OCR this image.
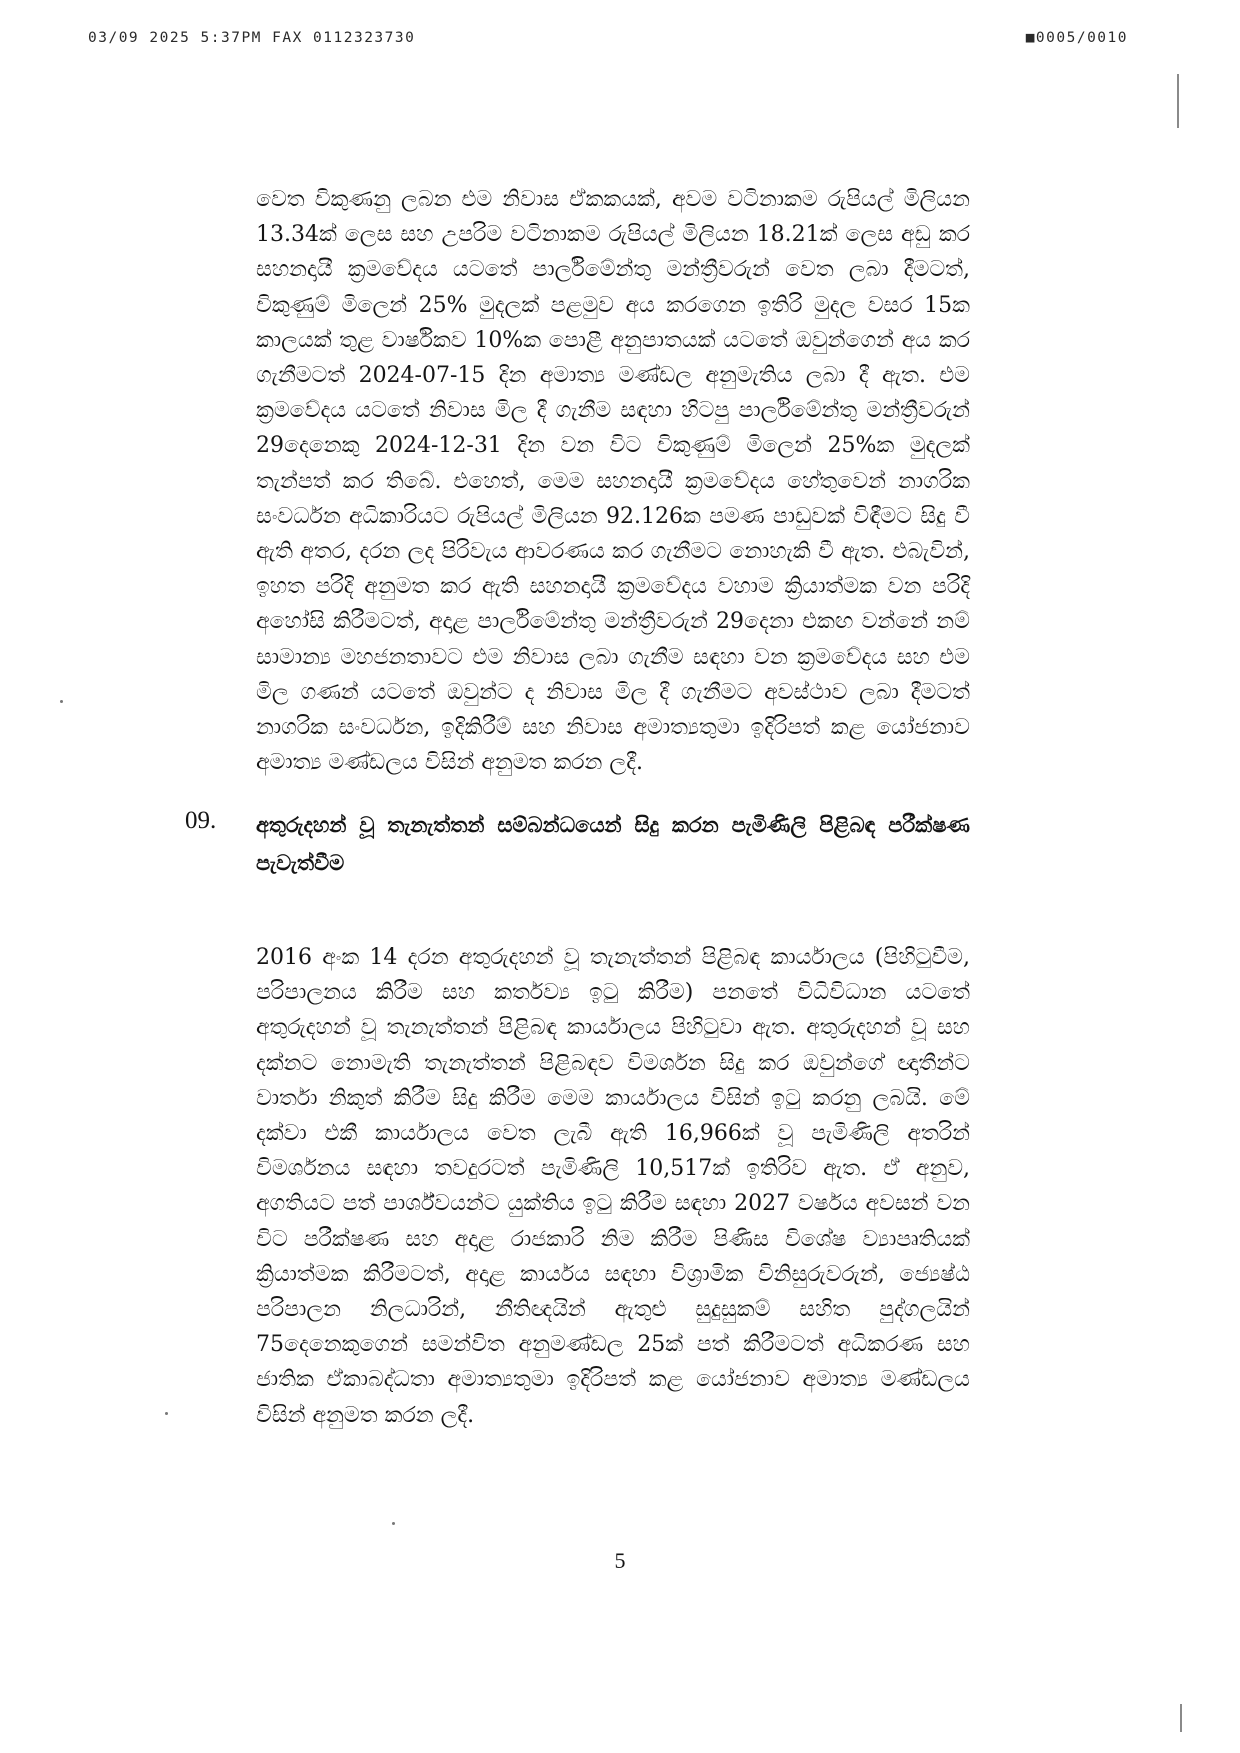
03/09 2025 5:37PM FAX 0112323730	■0005/0010

වෙත විකුණනු ලබන එම නිවාස ඒකකයක්, අවම වටිනාකම රුපියල් මිලියන 13.34ක් ලෙස සහ උපරිම වටිනාකම රුපියල් මිලියන 18.21ක් ලෙස අඩු කර සහනදායී ක්‍රමවේදය යටතේ පාර්ලිමේන්තු මන්ත්‍රීවරුන් වෙත ලබා දීමටත්, විකුණුම් මිලෙන් 25% මුදලක් පළමුව අය කරගෙන ඉතිරි මුදල වසර 15ක කාලයක් තුළ වාර්ෂිකව 10%ක පොළී අනුපාතයක් යටතේ ඔවුන්ගෙන් අය කර ගැනීමටත් 2024-07-15 දින අමාත්‍ය මණ්ඩල අනුමැතිය ලබා දී ඇත. එම ක්‍රමවේදය යටතේ නිවාස මිල දී ගැනීම සඳහා හිටපු පාර්ලිමේන්තු මන්ත්‍රීවරුන් 29දෙනෙකු 2024-12-31 දින වන විට විකුණුම් මිලෙන් 25%ක මුදලක් තැන්පත් කර තිබේ. එහෙත්, මෙම සහනදායී ක්‍රමවේදය හේතුවෙන් නාගරික සංවර්ධන අධිකාරියට රුපියල් මිලියන 92.126ක පමණ පාඩුවක් විඳීමට සිදු වී ඇති අතර, දරන ලද පිරිවැය ආවරණය කර ගැනීමට නොහැකි වී ඇත. එබැවින්, ඉහත පරිදි අනුමත කර ඇති සහනදායී ක්‍රමවේදය වහාම ක්‍රියාත්මක වන පරිදි අහෝසි කිරීමටත්, අදාළ පාර්ලිමේන්තු මන්ත්‍රීවරුන් 29දෙනා එකඟ වන්නේ නම් සාමාන්‍ය මහජනතාවට එම නිවාස ලබා ගැනීම සඳහා වන ක්‍රමවේදය සහ එම මිල ගණන් යටතේ ඔවුන්ට ද නිවාස මිල දී ගැනීමට අවස්ථාව ලබා දීමටත් නාගරික සංවර්ධන, ඉදිකිරීම් සහ නිවාස අමාත්‍යතුමා ඉදිරිපත් කළ යෝජනාව අමාත්‍ය මණ්ඩලය විසින් අනුමත කරන ලදී.

09. අතුරුදහන් වූ තැනැත්තන් සම්බන්ධයෙන් සිදු කරන පැමිණිලි පිළිබඳ පරීක්ෂණ පැවැත්වීම

2016 අංක 14 දරන අතුරුදහන් වූ තැනැත්තන් පිළිබඳ කාර්යාලය (පිහිටුවීම, පරිපාලනය කිරීම සහ කර්තව්‍ය ඉටු කිරීම) පනතේ විධිවිධාන යටතේ අතුරුදහන් වූ තැනැත්තන් පිළිබඳ කාර්යාලය පිහිටුවා ඇත. අතුරුදහන් වූ සහ දක්නට නොමැති තැනැත්තන් පිළිබඳව විමර්ශන සිදු කර ඔවුන්ගේ ඥාතීන්ට වාර්තා නිකුත් කිරීම සිදු කිරීම මෙම කාර්යාලය විසින් ඉටු කරනු ලබයි. මේ දක්වා එකී කාර්යාලය වෙත ලැබී ඇති 16,966ක් වූ පැමිණිලි අතරින් විමර්ශනය සඳහා තවදුරටත් පැමිණිලි 10,517ක් ඉතිරිව ඇත. ඒ අනුව, අගතියට පත් පාර්ශ්වයන්ට යුක්තිය ඉටු කිරීම සඳහා 2027 වර්ෂය අවසන් වන විට පරීක්ෂණ සහ අදාළ රාජකාරි නිම කිරීම පිණිස විශේෂ ව්‍යාපෘතියක් ක්‍රියාත්මක කිරීමටත්, අදාළ කාර්යය සඳහා විශ්‍රාමික විනිසුරුවරුන්, ජ්‍යෙෂ්ඨ පරිපාලන නිලධාරින්, නීතිඥයින් ඇතුළු සුදුසුකම් සහිත පුද්ගලයින් 75දෙනෙකුගෙන් සමන්විත අනුමණ්ඩල 25ක් පත් කිරීමටත් අධිකරණ සහ ජාතික ඒකාබද්ධතා අමාත්‍යතුමා ඉදිරිපත් කළ යෝජනාව අමාත්‍ය මණ්ඩලය විසින් අනුමත කරන ලදී.

5
